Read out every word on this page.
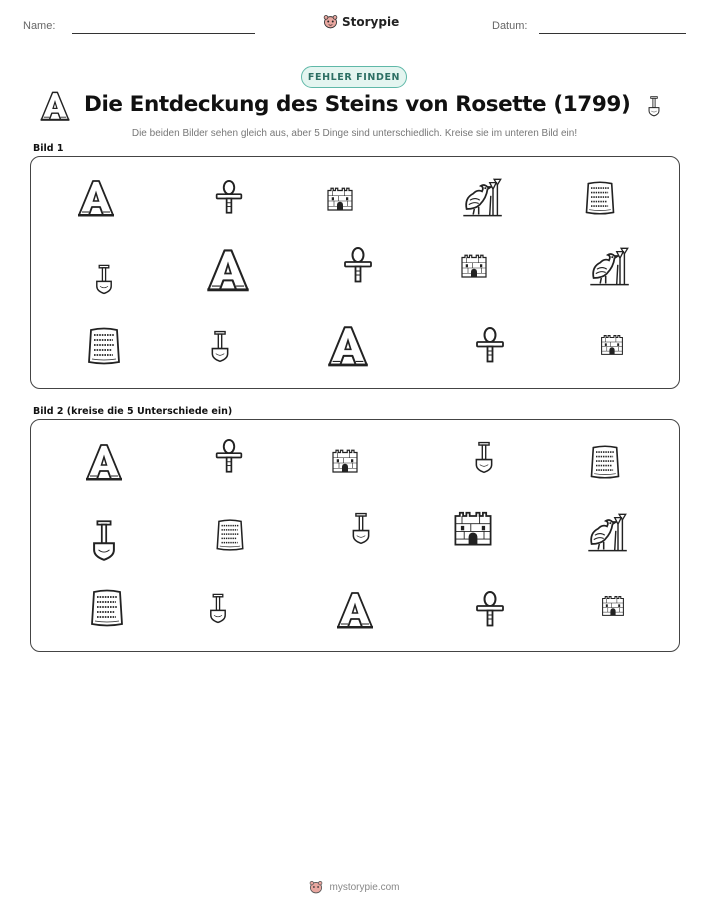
Name:	Storypie	Datum:
FEHLER FINDEN
Die Entdeckung des Steins von Rosette (1799)
Die beiden Bilder sehen gleich aus, aber 5 Dinge sind unterschiedlich. Kreise sie im unteren Bild ein!
Bild 1
Bild 2 (kreise die 5 Unterschiede ein)
mystorypie.com
